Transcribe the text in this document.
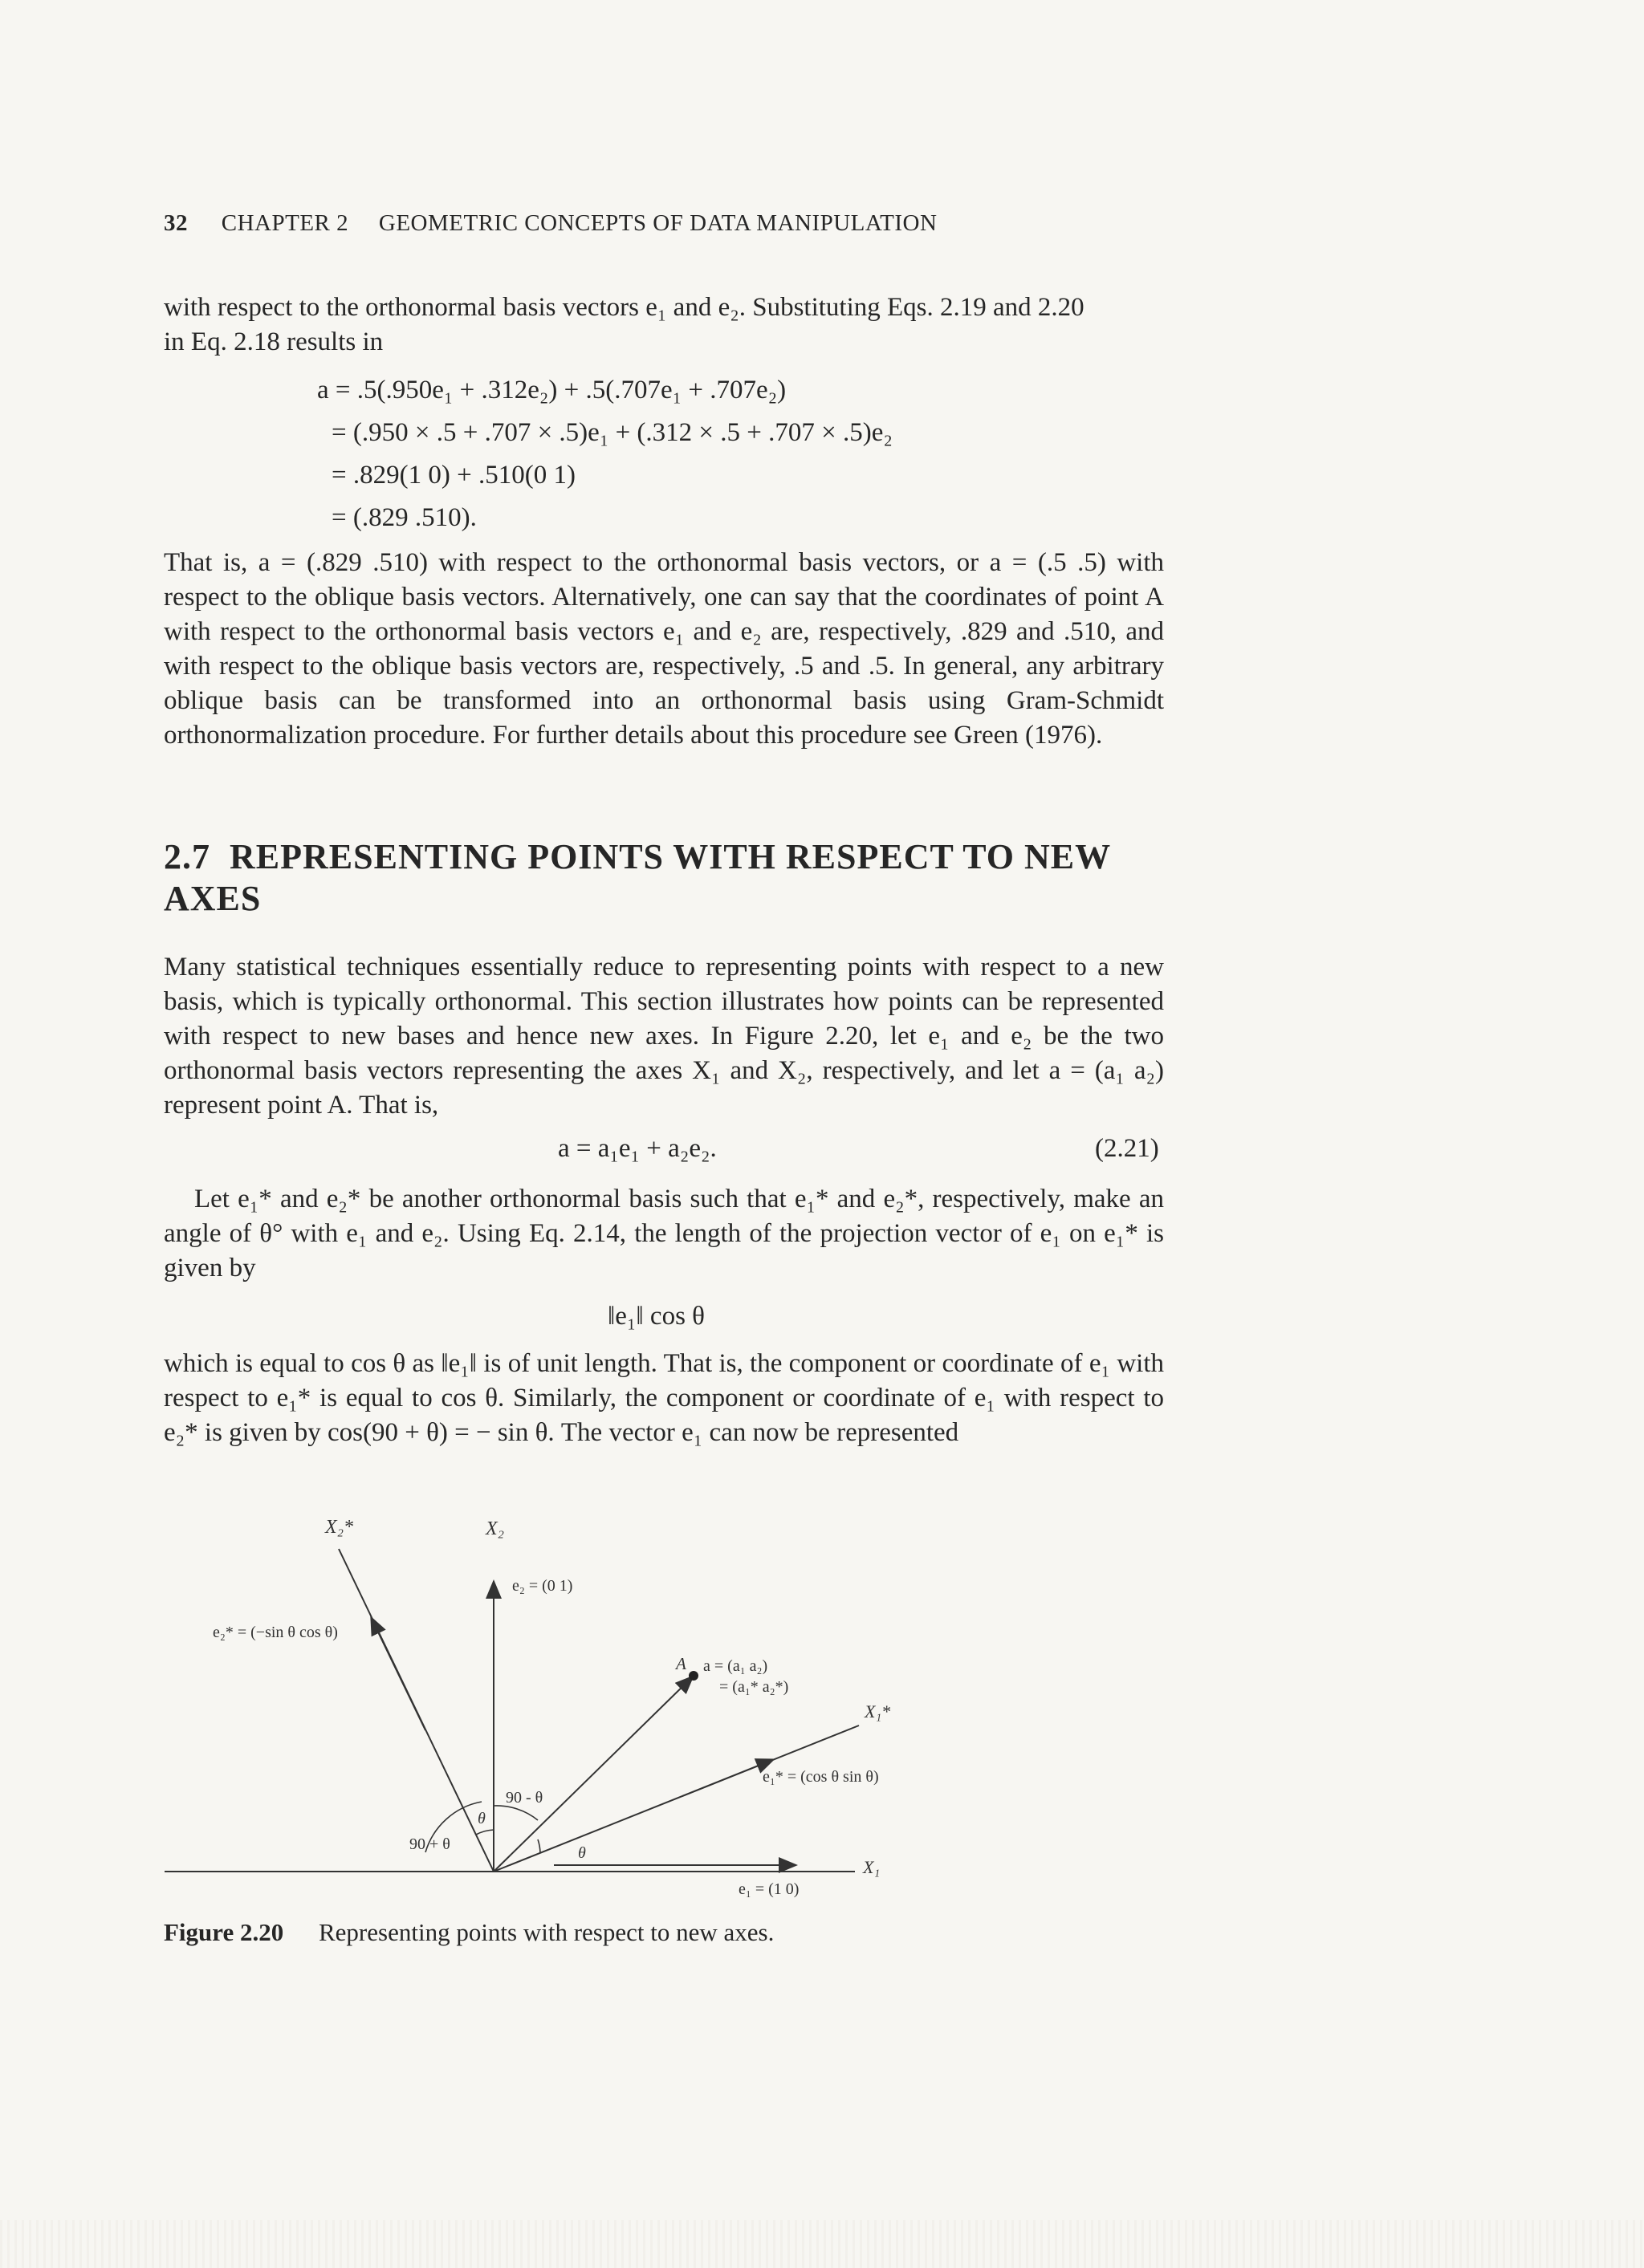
32 CHAPTER 2 GEOMETRIC CONCEPTS OF DATA MANIPULATION
with respect to the orthonormal basis vectors e₁ and e₂. Substituting Eqs. 2.19 and 2.20
in Eq. 2.18 results in
a = .5(.950e₁ + .312e₂) + .5(.707e₁ + .707e₂)
= (.950 × .5 + .707 × .5)e₁ + (.312 × .5 + .707 × .5)e₂
= .829(1 0) + .510(0 1)
= (.829 .510).
That is, a = (.829 .510) with respect to the orthonormal basis vectors, or a = (.5 .5) with respect to the oblique basis vectors. Alternatively, one can say that the coordinates of point A with respect to the orthonormal basis vectors e₁ and e₂ are, respectively, .829 and .510, and with respect to the oblique basis vectors are, respectively, .5 and .5. In general, any arbitrary oblique basis can be transformed into an orthonormal basis using Gram-Schmidt orthonormalization procedure. For further details about this procedure see Green (1976).
2.7 REPRESENTING POINTS WITH RESPECT TO NEW AXES
Many statistical techniques essentially reduce to representing points with respect to a new basis, which is typically orthonormal. This section illustrates how points can be represented with respect to new bases and hence new axes. In Figure 2.20, let e₁ and e₂ be the two orthonormal basis vectors representing the axes X₁ and X₂, respectively, and let a = (a₁ a₂) represent point A. That is,
a = a₁e₁ + a₂e₂.	(2.21)
Let e₁* and e₂* be another orthonormal basis such that e₁* and e₂*, respectively, make an angle of θ° with e₁ and e₂. Using Eq. 2.14, the length of the projection vector of e₁ on e₁* is given by
‖e₁‖ cos θ
which is equal to cos θ as ‖e₁‖ is of unit length. That is, the component or coordinate of e₁ with respect to e₁* is equal to cos θ. Similarly, the component or coordinate of e₁ with respect to e₂* is given by cos(90 + θ) = − sin θ. The vector e₁ can now be represented
X₂*	X₂
e₂ = (0 1)
e₂* = (−sin θ cos θ)
A a = (a₁ a₂)
= (a₁* a₂*)
X₁*
e₁* = (cos θ sin θ)
90 - θ
θ
90 + θ	θ
X₁
e₁ = (1 0)
Figure 2.20 Representing points with respect to new axes.
